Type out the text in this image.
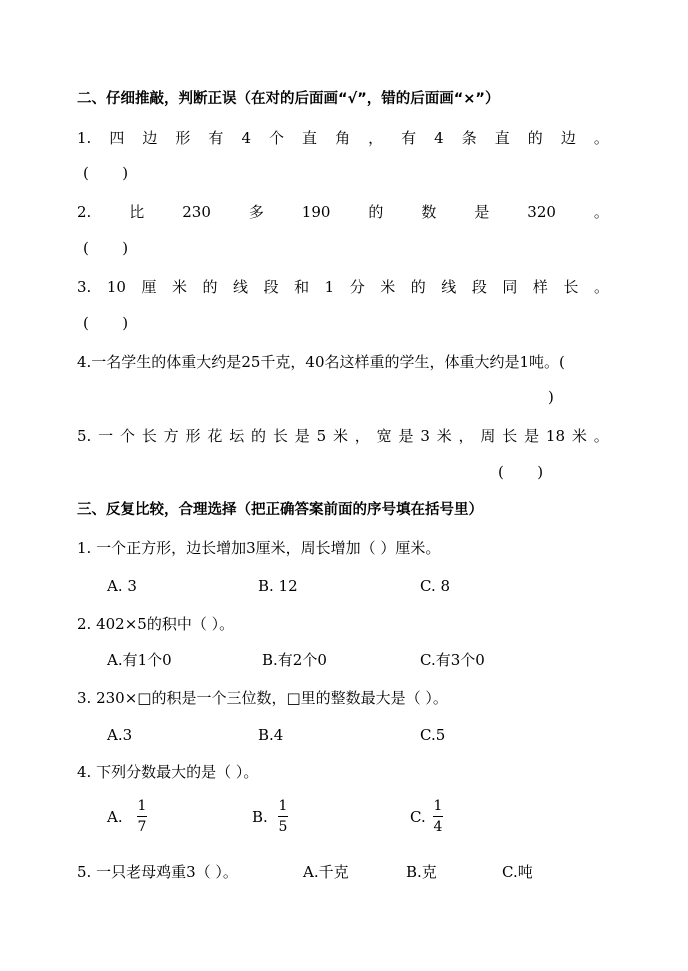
二、仔细推敲，判断正误（在对的后面画“√”，错的后面画“×”）
1. 四 边 形 有 4 个 直 角 ， 有 4 条 直 的 边 。
(       )
2.	比	230	多	190	的	数	是	320	。
(       )
3. 10 厘 米 的 线 段 和 1 分 米 的 线 段 同 样 长 。
(       )
4.一名学生的体重大约是25千克，40名这样重的学生，体重大约是1吨。(
)
5. 一 个 长 方 形 花 坛 的 长 是 5 米 ， 宽 是 3 米 ， 周 长 是 18 米 。
(       )
三、反复比较，合理选择（把正确答案前面的序号填在括号里）
1. 一个正方形，边长增加3厘米，周长增加（ ）厘米。
A. 3	B. 12	C. 8
2. 402×5的积中（ ）。
A.有1个0	B.有2个0	C.有3个0
3. 230×□的积是一个三位数，□里的整数最大是（ ）。
A.3	B.4	C.5
4. 下列分数最大的是（ ）。
A.
1
7
B.
1
5
C.
1
4
5. 一只老母鸡重3（ ）。	A.千克	B.克	C.吨
